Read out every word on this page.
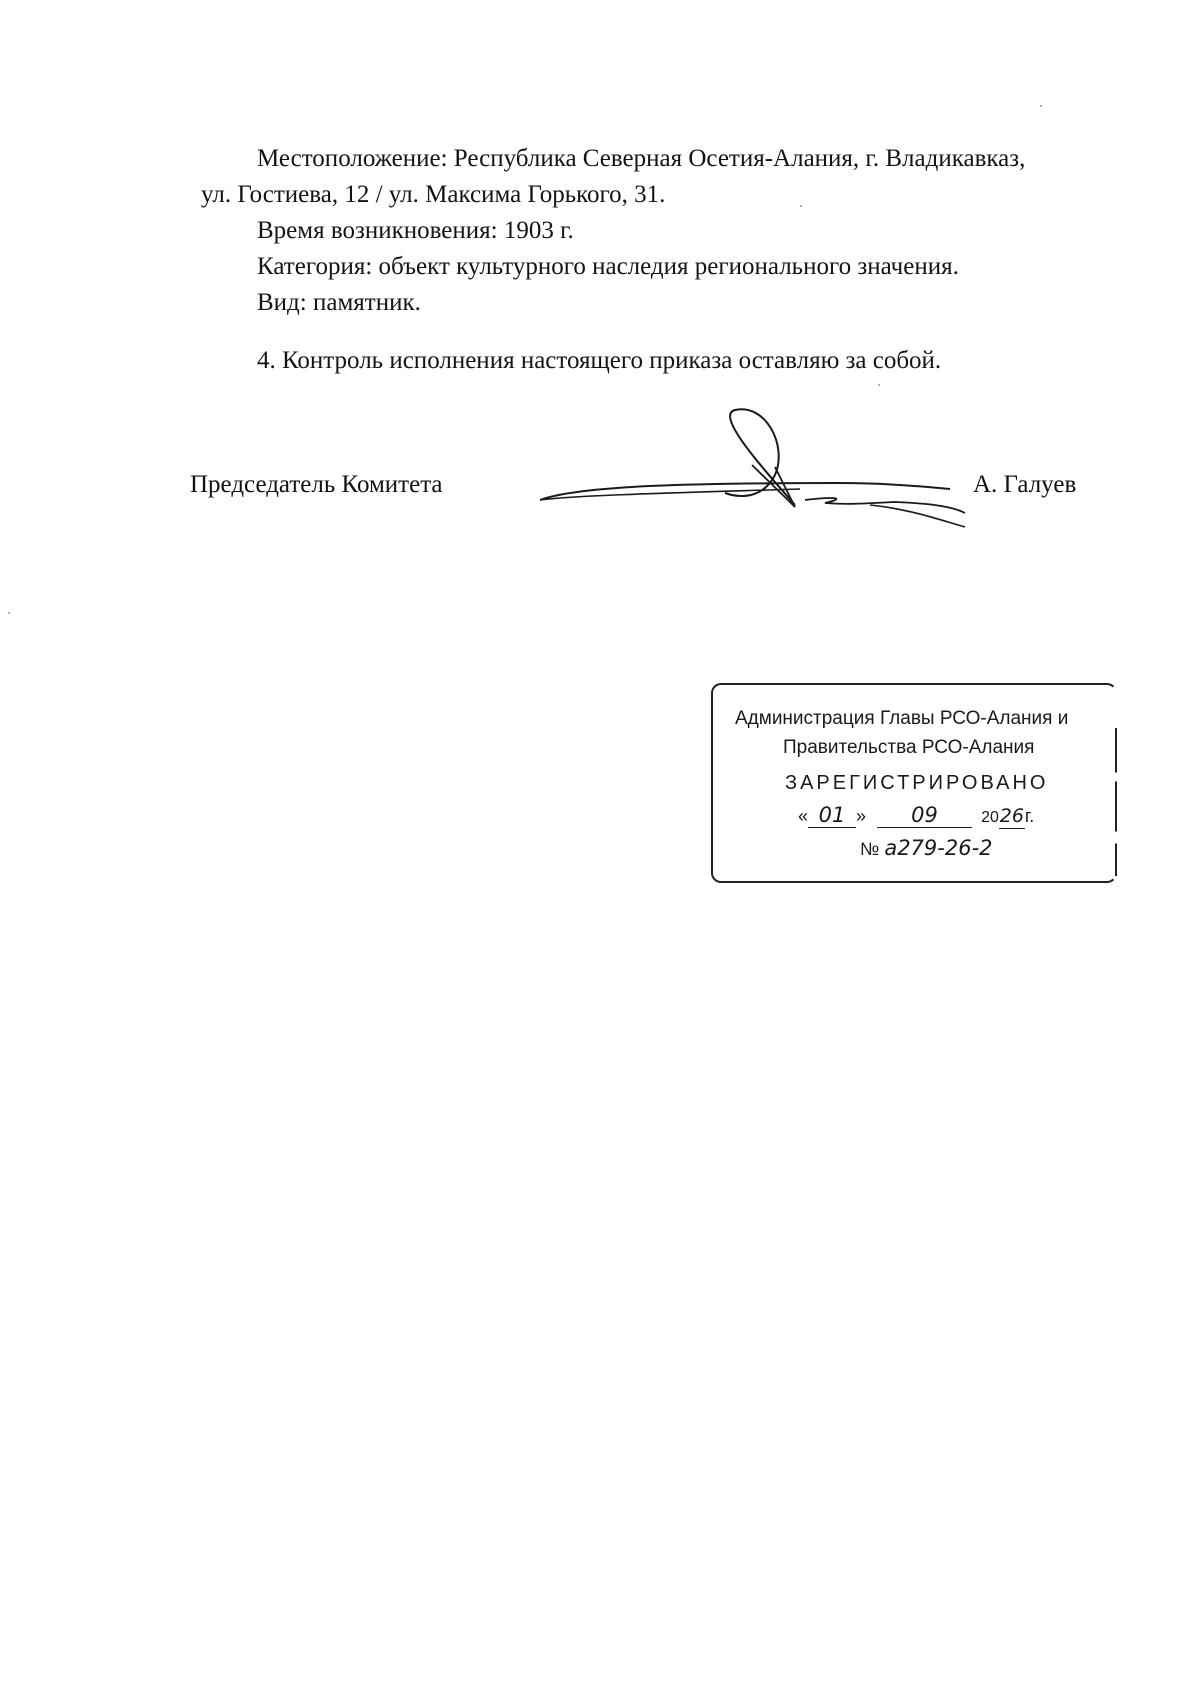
Местоположение: Республика Северная Осетия-Алания, г. Владикавказ,
ул. Гостиева, 12 / ул. Максима Горького, 31.
Время возникновения: 1903 г.
Категория: объект культурного наследия регионального значения.
Вид: памятник.
4. Контроль исполнения настоящего приказа оставляю за собой.
Председатель Комитета	А. Галуев
Администрация Главы РСО-Алания и
Правительства РСО-Алания
ЗАРЕГИСТРИРОВАНО
« 01 » 09	2026г.
№ а279-26-2
